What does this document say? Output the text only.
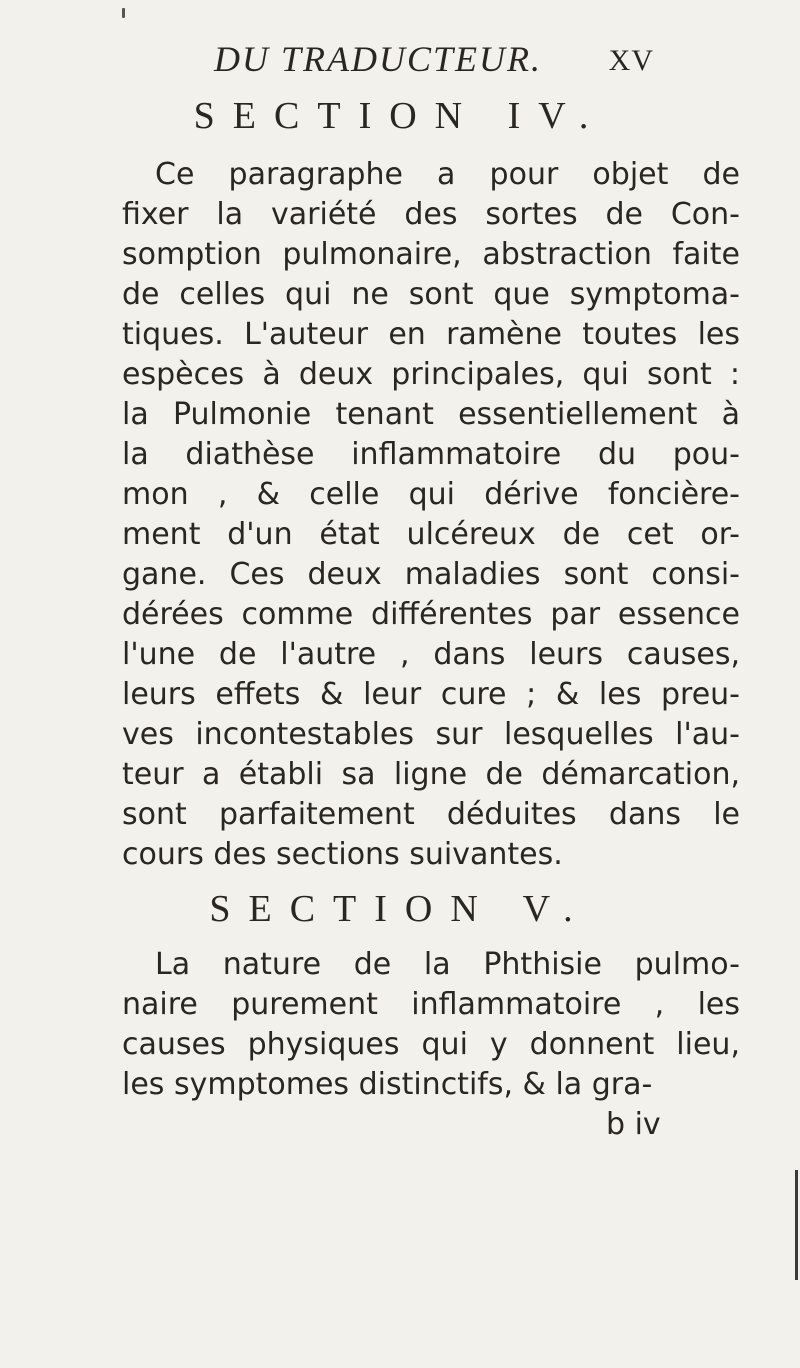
DU TRADUCTEUR. XV
SECTION IV.
Ce paragraphe a pour objet de
fixer la variété des sortes de Con-
somption pulmonaire, abstraction faite
de celles qui ne sont que symptoma-
tiques. L'auteur en ramène toutes les
espèces à deux principales, qui sont :
la Pulmonie tenant essentiellement à
la diathèse inflammatoire du pou-
mon , & celle qui dérive foncière-
ment d'un état ulcéreux de cet or-
gane. Ces deux maladies sont consi-
dérées comme différentes par essence
l'une de l'autre , dans leurs causes,
leurs effets & leur cure ; & les preu-
ves incontestables sur lesquelles l'au-
teur a établi sa ligne de démarcation,
sont parfaitement déduites dans le
cours des sections suivantes.
SECTION V.
La nature de la Phthisie pulmo-
naire purement inflammatoire , les
causes physiques qui y donnent lieu,
les symptomes distinctifs, & la gra-
b iv
